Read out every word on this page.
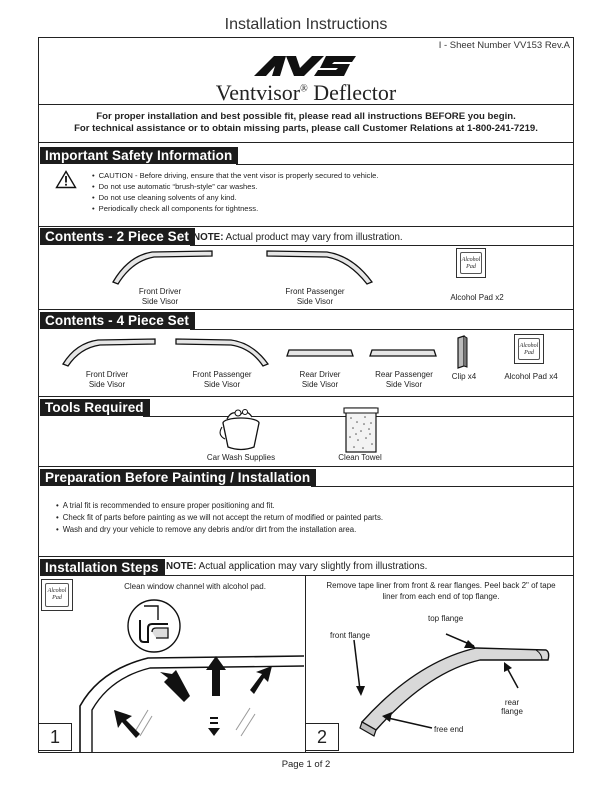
Installation Instructions
I - Sheet Number VV153 Rev.A
Ventvisor® Deflector
For proper installation and best possible fit, please read all instructions BEFORE you begin.
For technical assistance or to obtain missing parts, please call Customer Relations at 1-800-241-7219.
Important Safety Information
• CAUTION - Before driving, ensure that the vent visor is properly secured to vehicle.
• Do not use automatic “brush-style” car washes.
• Do not use cleaning solvents of any kind.
• Periodically check all components for tightness.
Contents - 2 Piece Set NOTE: Actual product may vary from illustration.
Front Driver
Side Visor
Front Passenger
Side Visor
Alcohol
Pad
Alcohol Pad x2
Contents - 4 Piece Set
Front Driver
Side Visor
Front Passenger
Side Visor
Rear Driver
Side Visor
Rear Passenger
Side Visor
Clip x4
Alcohol
Pad
Alcohol Pad x4
Tools Required
Car Wash Supplies	Clean Towel
Preparation Before Painting / Installation
• A trial fit is recommended to ensure proper positioning and fit.
• Check fit of parts before painting as we will not accept the return of modified or painted parts.
• Wash and dry your vehicle to remove any debris and/or dirt from the installation area.
Installation Steps NOTE: Actual application may vary slightly from illustrations.
Alcohol
Pad
Clean window channel with alcohol pad.
1
Remove tape liner from front & rear flanges. Peel back 2" of tape
liner from each end of top flange.
top flange
front flange
rear
flange
free end
2
Page 1 of 2
